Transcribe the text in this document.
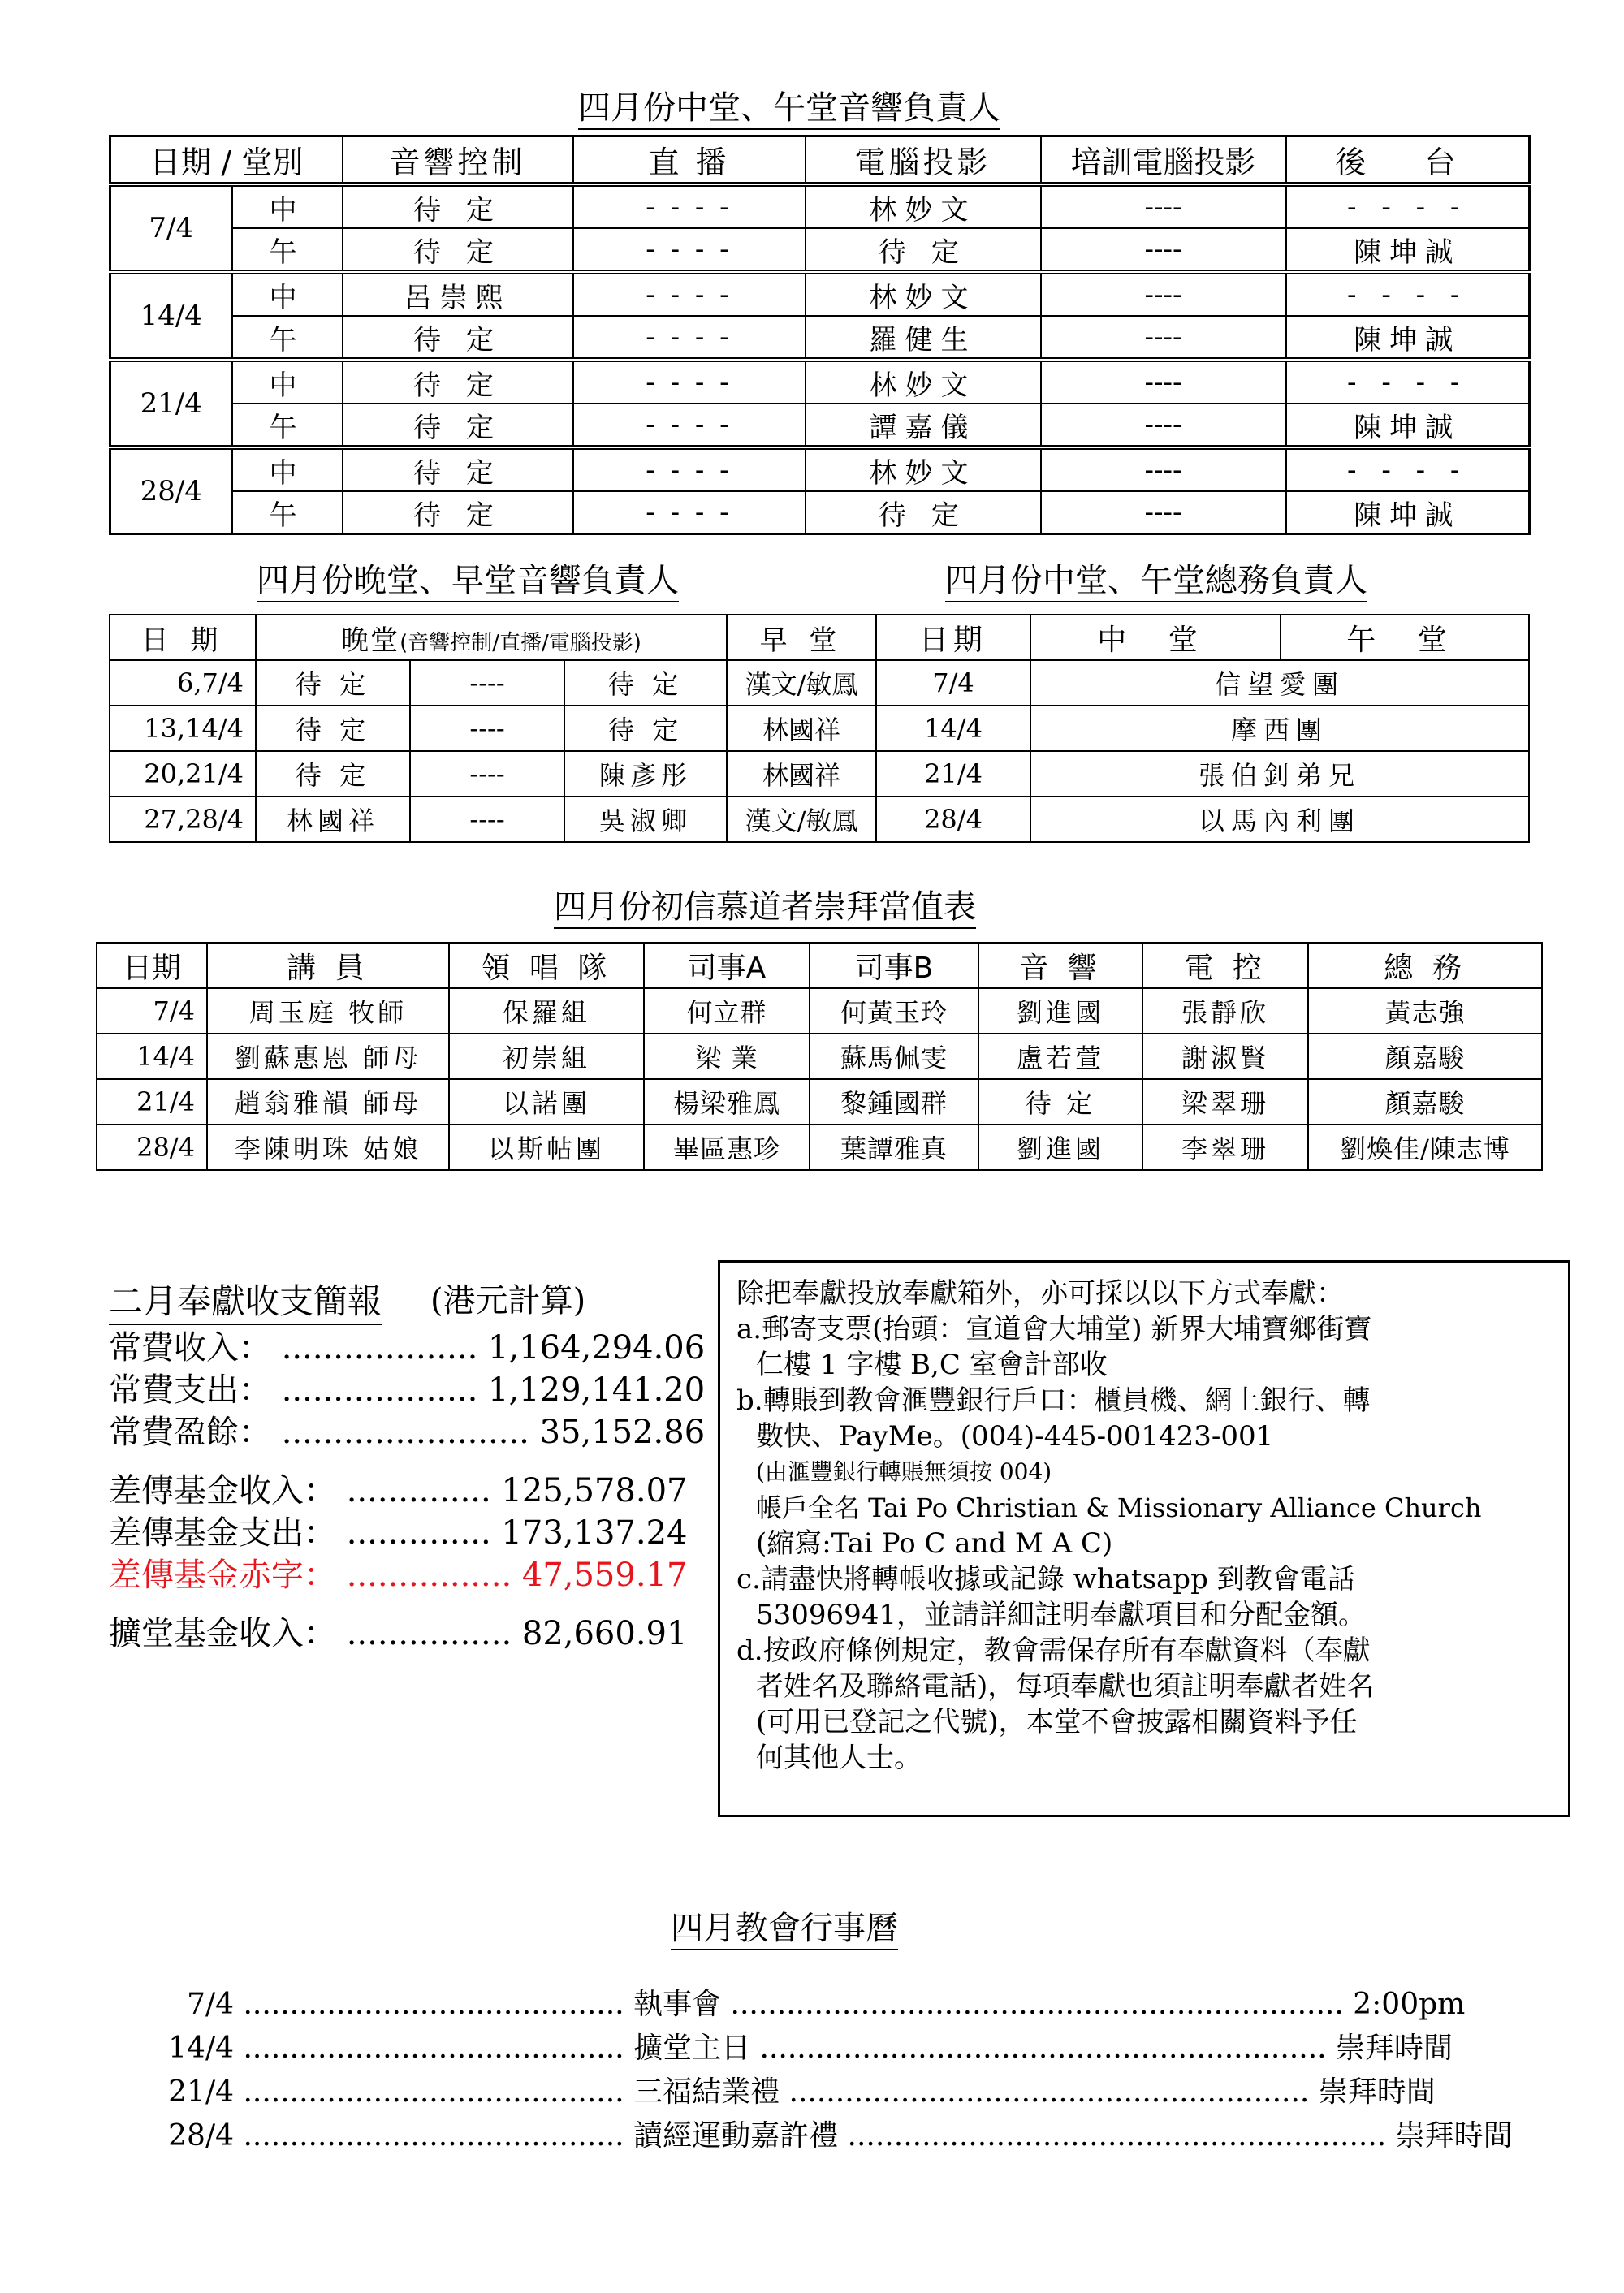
四月份中堂、午堂音響負責人
日期 / 堂別		音響控制	直 播	電腦投影	培訓電腦投影	後 台
7/4	中	待 定	- - - -	林妙文	----	- - - -
	午	待 定	- - - -	待 定	----	陳坤誠
14/4	中	呂崇熙	- - - -	林妙文	----	- - - -
	午	待 定	- - - -	羅健生	----	陳坤誠
21/4	中	待 定	- - - -	林妙文	----	- - - -
	午	待 定	- - - -	譚嘉儀	----	陳坤誠
28/4	中	待 定	- - - -	林妙文	----	- - - -
	午	待 定	- - - -	待 定	----	陳坤誠
四月份晚堂、早堂音響負責人
日 期	晚堂(音響控制/直播/電腦投影)			早 堂
6,7/4	待 定	----	待 定	漢文/敏鳳
13,14/4	待 定	----	待 定	林國祥
20,21/4	待 定	----	陳彥彤	林國祥
27,28/4	林國祥	----	吳淑卿	漢文/敏鳳
四月份中堂、午堂總務負責人
日期	中 堂	午 堂
7/4	信望愛團	
14/4	摩西團	
21/4	張伯釗弟兄	
28/4	以馬內利團	
四月份初信慕道者崇拜當值表
日期	講 員	領 唱 隊	司事A	司事B	音 響	電 控	總 務
7/4	周玉庭 牧師	保羅組	何立群	何黃玉玲	劉進國	張靜欣	黃志強
14/4	劉蘇惠恩 師母	初崇組	梁 業	蘇馬佩雯	盧若萱	謝淑賢	顏嘉駿
21/4	趙翁雅韻 師母	以諾團	楊梁雅鳳	黎鍾國群	待 定	梁翠珊	顏嘉駿
28/4	李陳明珠 姑娘	以斯帖團	畢區惠珍	葉譚雅真	劉進國	李翠珊	劉煥佳/陳志博
二月奉獻收支簡報 (港元計算)
常費收入： ................... 1,164,294.06
常費支出： ................... 1,129,141.20
常費盈餘： ........................ 35,152.86
差傳基金收入： .............. 125,578.07
差傳基金支出： .............. 173,137.24
差傳基金赤字： ................ 47,559.17
擴堂基金收入： ................ 82,660.91
除把奉獻投放奉獻箱外，亦可採以以下方式奉獻：
a.郵寄支票(抬頭：宣道會大埔堂) 新界大埔寶鄉街寶
仁樓 1 字樓 B,C 室會計部收
b.轉賬到教會滙豐銀行戶口：櫃員機、網上銀行、轉
數快、PayMe。(004)-445-001423-001
(由滙豐銀行轉賬無須按 004)
帳戶全名 Tai Po Christian & Missionary Alliance Church
(縮寫:Tai Po C and M A C)
c.請盡快將轉帳收據或記錄 whatsapp 到教會電話
53096941，並請詳細註明奉獻項目和分配金額。
d.按政府條例規定，教會需保存所有奉獻資料（奉獻
者姓名及聯絡電話)，每項奉獻也須註明奉獻者姓名
(可用已登記之代號)，本堂不會披露相關資料予任
何其他人士。
四月教會行事曆
7/4 ......................................... 執事會 .................................................................. 2:00pm
14/4 ......................................... 擴堂主日 ............................................................. 崇拜時間
21/4 ......................................... 三福結業禮 ........................................................ 崇拜時間
28/4 ......................................... 讀經運動嘉許禮 .......................................................... 崇拜時間
